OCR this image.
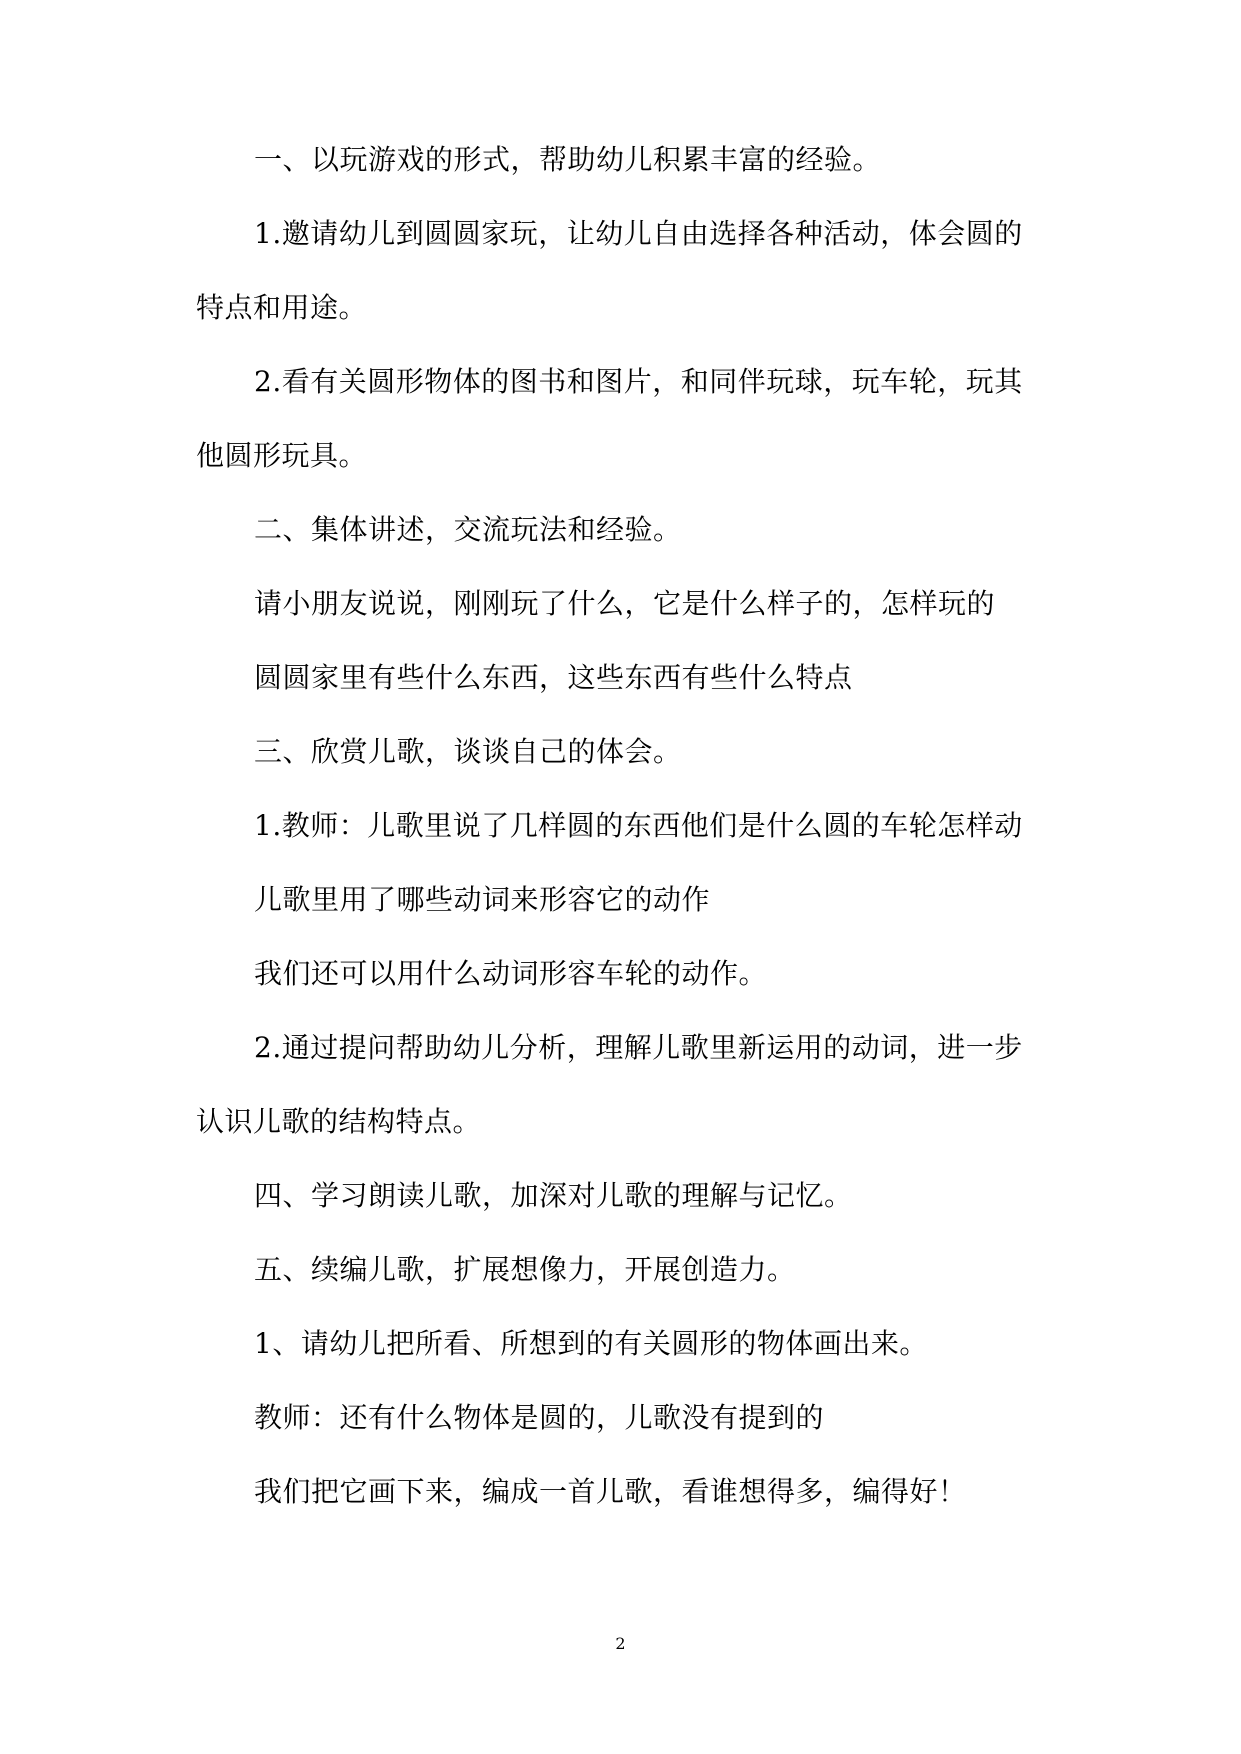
一、以玩游戏的形式，帮助幼儿积累丰富的经验。
1.邀请幼儿到圆圆家玩，让幼儿自由选择各种活动，体会圆的
特点和用途。
2.看有关圆形物体的图书和图片，和同伴玩球，玩车轮，玩其
他圆形玩具。
二、集体讲述，交流玩法和经验。
请小朋友说说，刚刚玩了什么，它是什么样子的，怎样玩的
圆圆家里有些什么东西，这些东西有些什么特点
三、欣赏儿歌，谈谈自己的体会。
1.教师：儿歌里说了几样圆的东西他们是什么圆的车轮怎样动
儿歌里用了哪些动词来形容它的动作
我们还可以用什么动词形容车轮的动作。
2.通过提问帮助幼儿分析，理解儿歌里新运用的动词，进一步
认识儿歌的结构特点。
四、学习朗读儿歌，加深对儿歌的理解与记忆。
五、续编儿歌，扩展想像力，开展创造力。
1、请幼儿把所看、所想到的有关圆形的物体画出来。
教师：还有什么物体是圆的，儿歌没有提到的
我们把它画下来，编成一首儿歌，看谁想得多，编得好！
2
